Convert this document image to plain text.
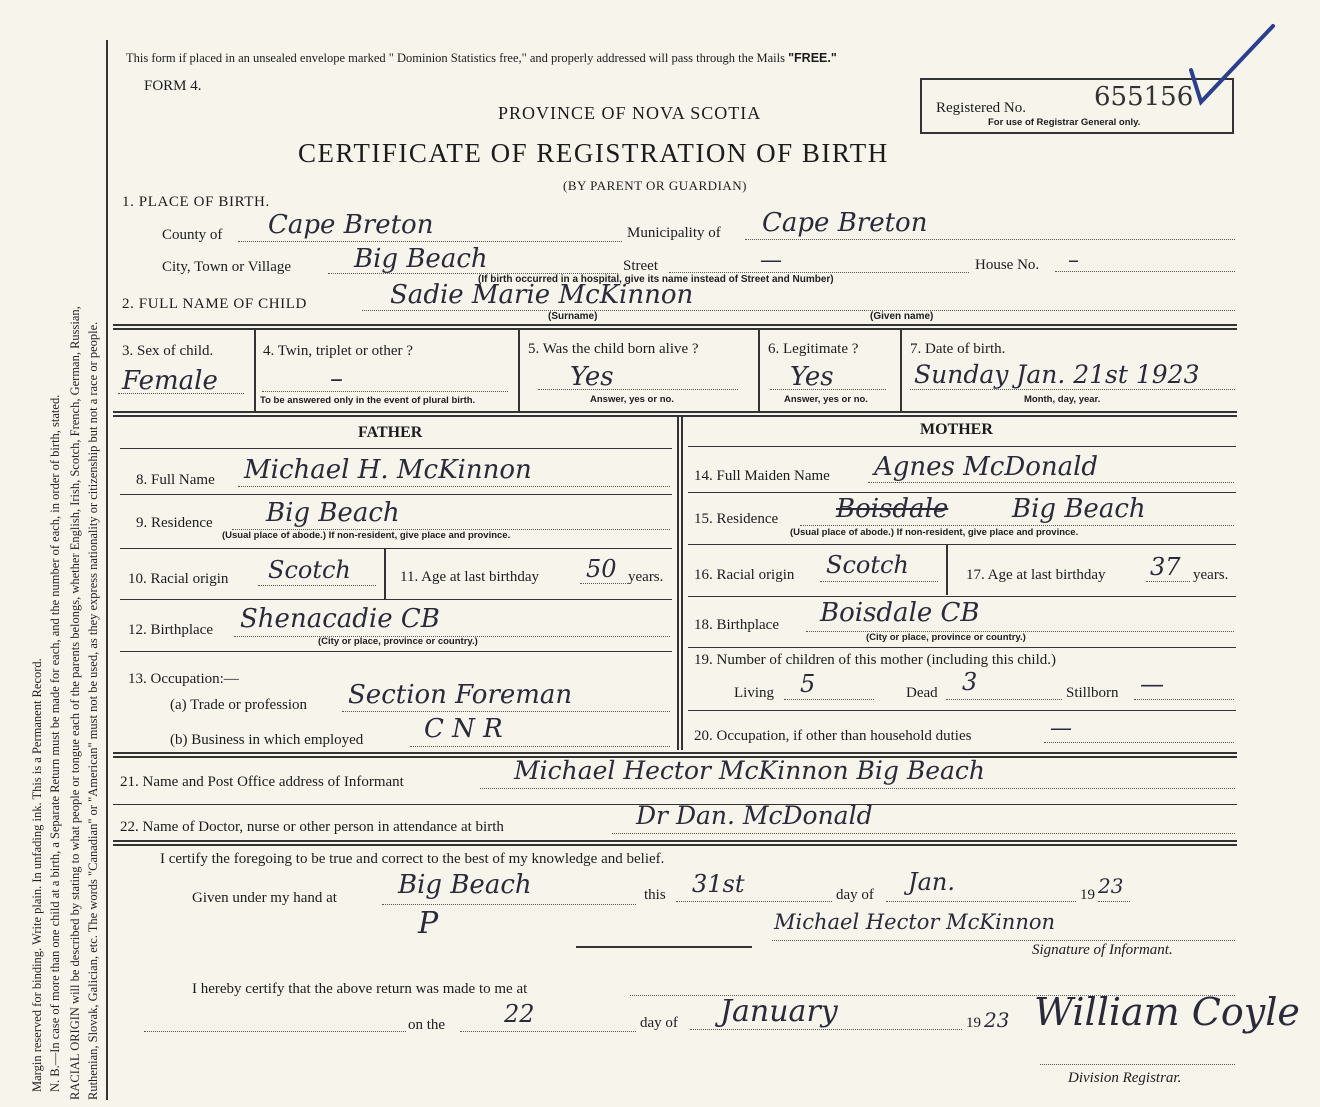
Margin reserved for binding. Write plain. In unfading ink. This is a Permanent Record. N. B.—In case of more than one child at a birth, a Separate Return must be made for each, and the number of each, in order of birth, stated. RACIAL ORIGIN will be described by stating to what people or tongue each of the parents belongs, whether English, Irish, Scotch, French, German, Russian, Ruthenian, Slovak, Galician, etc. The words "Canadian" or "American" must not be used, as they express nationality or citizenship but not a race or people.
This form if placed in an unsealed envelope marked " Dominion Statistics free," and properly addressed will pass through the Mails "FREE."
FORM 4.
PROVINCE OF NOVA SCOTIA
CERTIFICATE OF REGISTRATION OF BIRTH
(BY PARENT OR GUARDIAN)
Registered No.	655156
For use of Registrar General only.
1. PLACE OF BIRTH.
County of Cape Breton	Municipality of Cape Breton
City, Town or Village Big Beach	Street	—	House No. –
(If birth occurred in a hospital, give its name instead of Street and Number)
2. FULL NAME OF CHILD	Sadie Marie McKinnon
(Surname)	(Given name)
3. Sex of child.
Female
4. Twin, triplet or other ?
–
To be answered only in the event of plural birth.
5. Was the child born alive ?
Yes
Answer, yes or no.
6. Legitimate ?
Yes
Answer, yes or no.
7. Date of birth.
Sunday Jan. 21st 1923
Month, day, year.
FATHER
8. Full Name Michael H. McKinnon
9. Residence Big Beach
(Usual place of abode.) If non-resident, give place and province.
10. Racial origin Scotch	11. Age at last birthday 50 years.
12. Birthplace Shenacadie CB
(City or place, province or country.)
13. Occupation:—
(a) Trade or profession Section Foreman
(b) Business in which employed C N R
MOTHER
14. Full Maiden Name Agnes McDonald
15. Residence Boisdale Big Beach
(Usual place of abode.) If non-resident, give place and province.
16. Racial origin Scotch	17. Age at last birthday 37 years.
18. Birthplace Boisdale CB
(City or place, province or country.)
19. Number of children of this mother (including this child.)
Living 5	Dead 3	Stillborn —
20. Occupation, if other than household duties	—
21. Name and Post Office address of Informant	Michael Hector McKinnon Big Beach
22. Name of Doctor, nurse or other person in attendance at birth	Dr Dan. McDonald
I certify the foregoing to be true and correct to the best of my knowledge and belief.
Given under my hand at Big Beach	this 31st	day of Jan.	19 23
P	Michael Hector McKinnon
Signature of Informant.
I hereby certify that the above return was made to me at
on the 22	day of January	19 23 William Coyle
Division Registrar.
